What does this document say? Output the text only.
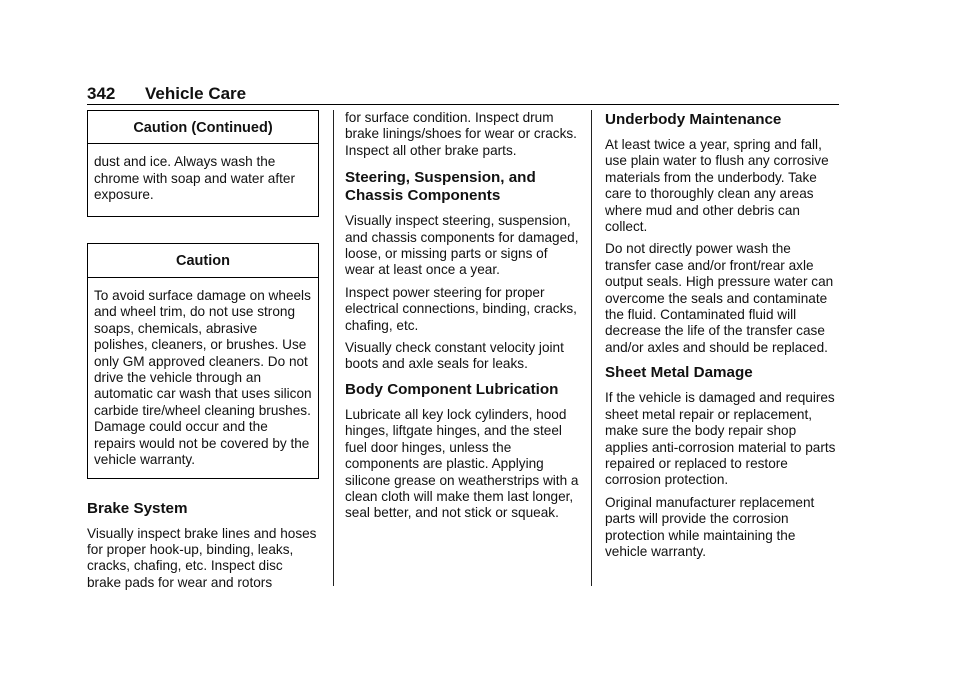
342 Vehicle Care
Caution (Continued)
dust and ice. Always wash the chrome with soap and water after exposure.
Caution
To avoid surface damage on wheels and wheel trim, do not use strong soaps, chemicals, abrasive polishes, cleaners, or brushes. Use only GM approved cleaners. Do not drive the vehicle through an automatic car wash that uses silicon carbide tire/wheel cleaning brushes. Damage could occur and the repairs would not be covered by the vehicle warranty.
Brake System

Visually inspect brake lines and hoses for proper hook-up, binding, leaks, cracks, chafing, etc. Inspect disc brake pads for wear and rotors

for surface condition. Inspect drum brake linings/shoes for wear or cracks. Inspect all other brake parts.

Steering, Suspension, and Chassis Components

Visually inspect steering, suspension, and chassis components for damaged, loose, or missing parts or signs of wear at least once a year.

Inspect power steering for proper electrical connections, binding, cracks, chafing, etc.

Visually check constant velocity joint boots and axle seals for leaks.

Body Component Lubrication

Lubricate all key lock cylinders, hood hinges, liftgate hinges, and the steel fuel door hinges, unless the components are plastic. Applying silicone grease on weatherstrips with a clean cloth will make them last longer, seal better, and not stick or squeak.

Underbody Maintenance

At least twice a year, spring and fall, use plain water to flush any corrosive materials from the underbody. Take care to thoroughly clean any areas where mud and other debris can collect.

Do not directly power wash the transfer case and/or front/rear axle output seals. High pressure water can overcome the seals and contaminate the fluid. Contaminated fluid will decrease the life of the transfer case and/or axles and should be replaced.

Sheet Metal Damage

If the vehicle is damaged and requires sheet metal repair or replacement, make sure the body repair shop applies anti-corrosion material to parts repaired or replaced to restore corrosion protection.

Original manufacturer replacement parts will provide the corrosion protection while maintaining the vehicle warranty.
